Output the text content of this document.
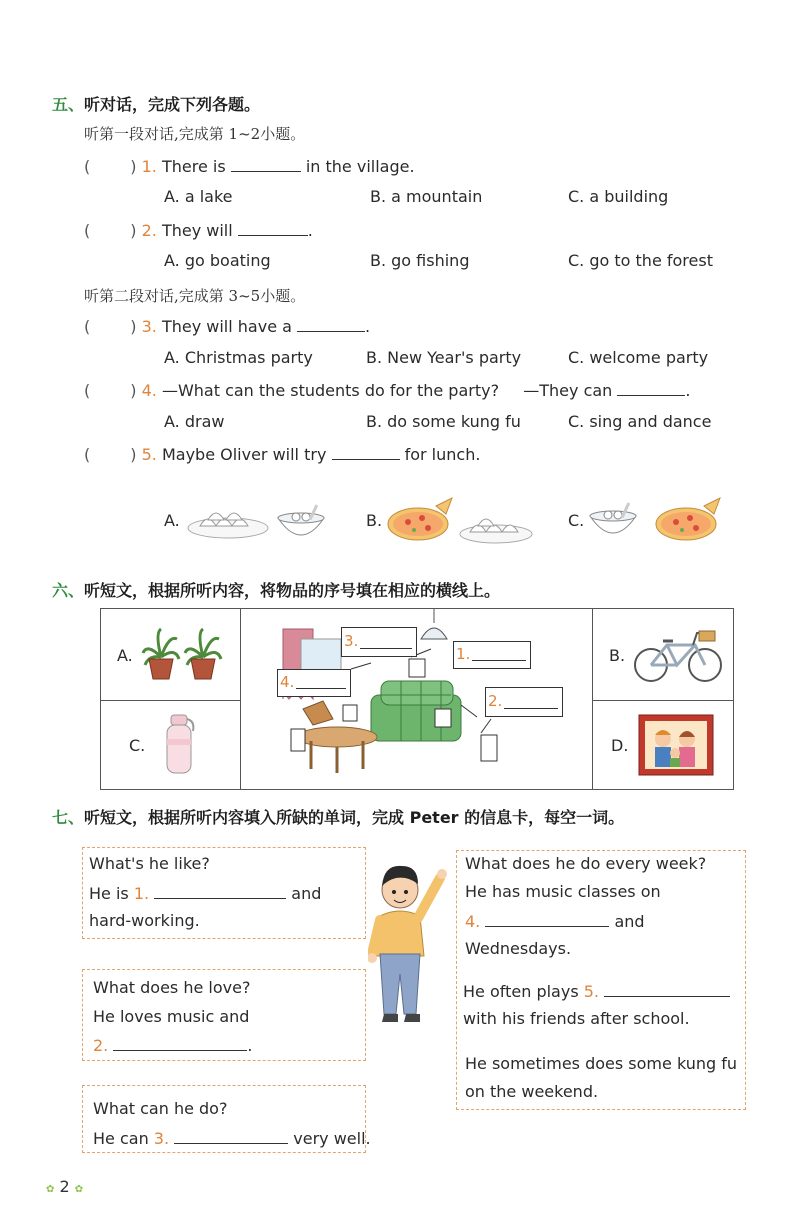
五、听对话，完成下列各题。
听第一段对话,完成第 1~2小题。
(	) 1. There is	in the village.
A. a lake	B. a mountain	C. a building
(	) 2. They will	.
A. go boating	B. go fishing	C. go to the forest
听第二段对话,完成第 3~5小题。
(	) 3. They will have a	.
A. Christmas party	B. New Year's party	C. welcome party
(	) 4. —What can the students do for the party? —They can	.
A. draw	B. do some kung fu	C. sing and dance
(	) 5. Maybe Oliver will try	for lunch.
A.	B.	C.
六、听短文，根据所听内容，将物品的序号填在相应的横线上。
A.
C.
B.
D.
3.
1.
4.
2.
七、听短文，根据所听内容填入所缺的单词，完成 Peter 的信息卡，每空一词。
What's he like?
He is 1.	and
hard-working.
What does he love?
He loves music and
2.	.
What can he do?
He can 3.	very well.
What does he do every week?
He has music classes on
4.	and
Wednesdays.
He often plays 5.
with his friends after school.
He sometimes does some kung fu
on the weekend.
✿ 2 ✿
